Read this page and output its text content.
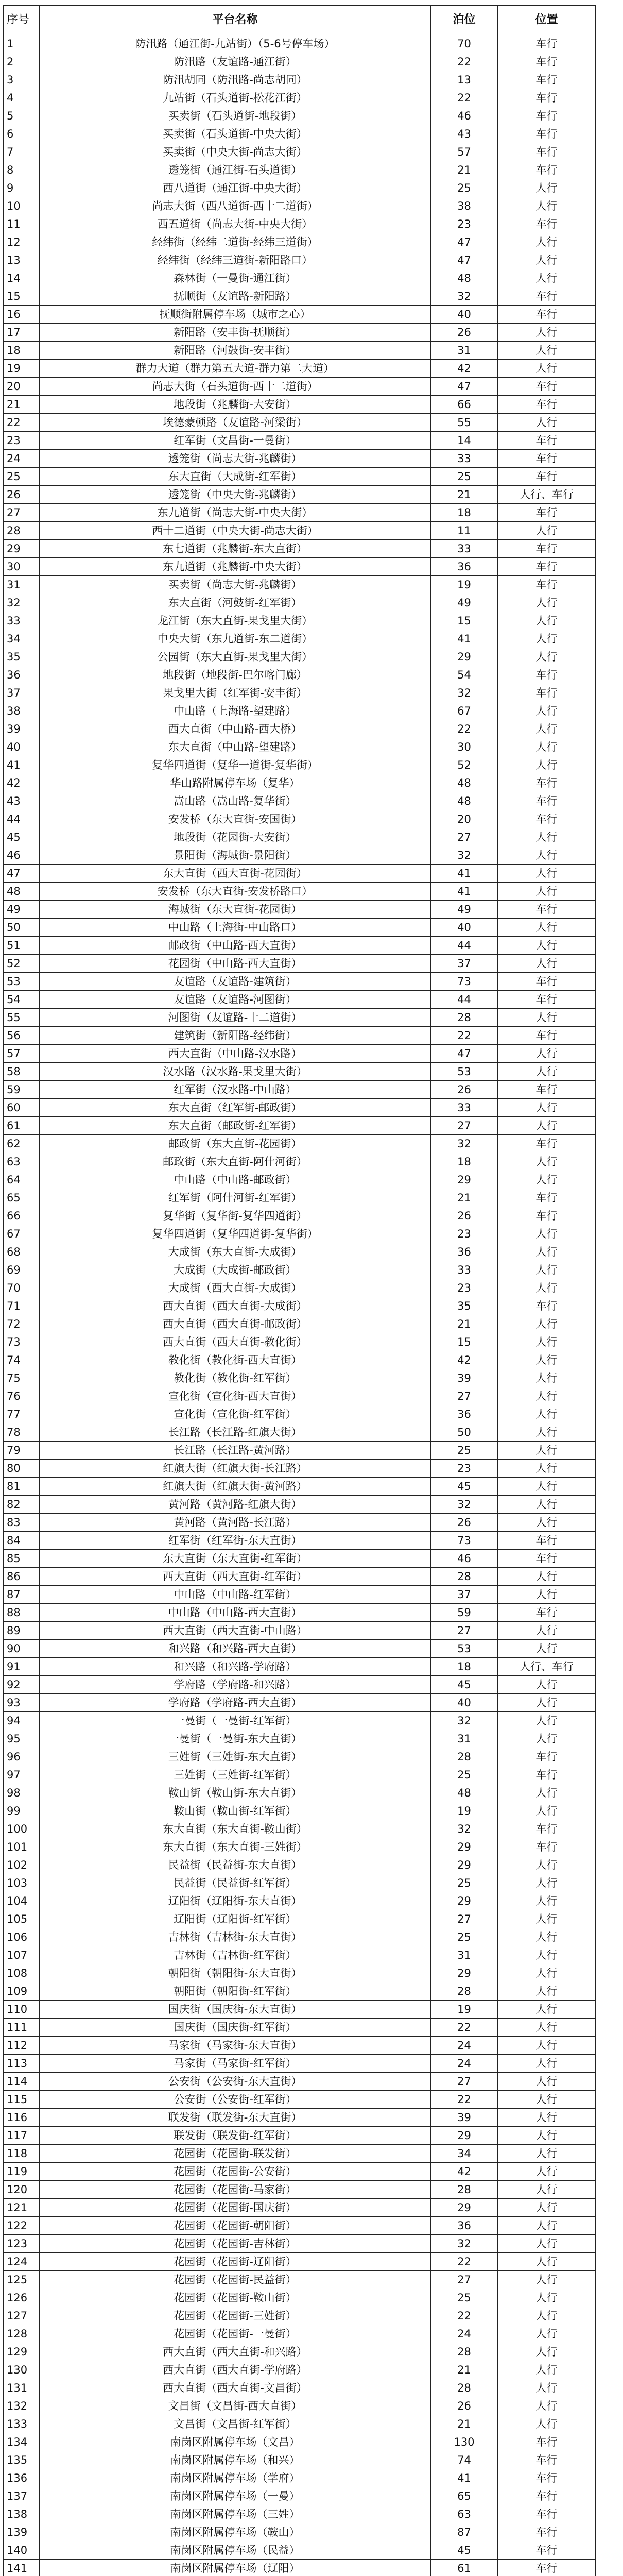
序号	平台名称	泊位	位置
1	防汛路（通江街-九站街）（5-6号停车场）	70	车行
2	防汛路（友谊路-通江街）	22	车行
3	防汛胡同（防汛路-尚志胡同）	13	车行
4	九站街（石头道街-松花江街）	22	车行
5	买卖街（石头道街-地段街）	46	车行
6	买卖街（石头道街-中央大街）	43	车行
7	买卖街（中央大街-尚志大街）	57	车行
8	透笼街（通江街-石头道街）	21	车行
9	西八道街（通江街-中央大街）	25	人行
10	尚志大街（西八道街-西十二道街）	38	人行
11	西五道街（尚志大街-中央大街）	23	车行
12	经纬街（经纬二道街-经纬三道街）	47	人行
13	经纬街（经纬三道街-新阳路口）	47	人行
14	森林街（一曼街-通江街）	48	人行
15	抚顺街（友谊路-新阳路）	32	车行
16	抚顺街附属停车场（城市之心）	40	车行
17	新阳路（安丰街-抚顺街）	26	人行
18	新阳路（河鼓街-安丰街）	31	人行
19	群力大道（群力第五大道-群力第二大道）	42	人行
20	尚志大街（石头道街-西十二道街）	47	车行
21	地段街（兆麟街-大安街）	66	车行
22	埃德蒙顿路（友谊路-河梁街）	55	人行
23	红军街（文昌街-一曼街）	14	车行
24	透笼街（尚志大街-兆麟街）	33	车行
25	东大直街（大成街-红军街）	25	车行
26	透笼街（中央大街-兆麟街）	21	人行、车行
27	东九道街（尚志大街-中央大街）	18	车行
28	西十二道街（中央大街-尚志大街）	11	人行
29	东七道街（兆麟街-东大直街）	33	车行
30	东九道街（兆麟街-中央大街）	36	车行
31	买卖街（尚志大街-兆麟街）	19	车行
32	东大直街（河鼓街-红军街）	49	人行
33	龙江街（东大直街-果戈里大街）	15	人行
34	中央大街（东九道街-东二道街）	41	人行
35	公园街（东大直街-果戈里大街）	29	人行
36	地段街（地段街-巴尔喀门廊）	54	车行
37	果戈里大街（红军街-安丰街）	32	车行
38	中山路（上海路-望建路）	67	人行
39	西大直街（中山路-西大桥）	22	人行
40	东大直街（中山路-望建路）	30	人行
41	复华四道街（复华一道街-复华街）	52	人行
42	华山路附属停车场（复华）	48	车行
43	嵩山路（嵩山路-复华街）	48	车行
44	安发桥（东大直街-安国街）	20	车行
45	地段街（花园街-大安街）	27	人行
46	景阳街（海城街-景阳街）	32	人行
47	东大直街（西大直街-花园街）	41	人行
48	安发桥（东大直街-安发桥路口）	41	人行
49	海城街（东大直街-花园街）	49	车行
50	中山路（上海街-中山路口）	40	人行
51	邮政街（中山路-西大直街）	44	人行
52	花园街（中山路-西大直街）	37	人行
53	友谊路（友谊路-建筑街）	73	车行
54	友谊路（友谊路-河图街）	44	车行
55	河图街（友谊路-十二道街）	28	人行
56	建筑街（新阳路-经纬街）	22	车行
57	西大直街（中山路-汉水路）	47	人行
58	汉水路（汉水路-果戈里大街）	53	人行
59	红军街（汉水路-中山路）	26	车行
60	东大直街（红军街-邮政街）	33	人行
61	东大直街（邮政街-红军街）	27	人行
62	邮政街（东大直街-花园街）	32	车行
63	邮政街（东大直街-阿什河街）	18	人行
64	中山路（中山路-邮政街）	29	人行
65	红军街（阿什河街-红军街）	21	车行
66	复华街（复华街-复华四道街）	26	车行
67	复华四道街（复华四道街-复华街）	23	人行
68	大成街（东大直街-大成街）	36	人行
69	大成街（大成街-邮政街）	33	人行
70	大成街（西大直街-大成街）	23	人行
71	西大直街（西大直街-大成街）	35	车行
72	西大直街（西大直街-邮政街）	21	人行
73	西大直街（西大直街-教化街）	15	人行
74	教化街（教化街-西大直街）	42	人行
75	教化街（教化街-红军街）	39	人行
76	宣化街（宣化街-西大直街）	27	人行
77	宣化街（宣化街-红军街）	36	人行
78	长江路（长江路-红旗大街）	50	人行
79	长江路（长江路-黄河路）	25	人行
80	红旗大街（红旗大街-长江路）	23	人行
81	红旗大街（红旗大街-黄河路）	45	人行
82	黄河路（黄河路-红旗大街）	32	人行
83	黄河路（黄河路-长江路）	26	人行
84	红军街（红军街-东大直街）	73	车行
85	东大直街（东大直街-红军街）	46	车行
86	西大直街（西大直街-红军街）	28	人行
87	中山路（中山路-红军街）	37	人行
88	中山路（中山路-西大直街）	59	车行
89	西大直街（西大直街-中山路）	27	人行
90	和兴路（和兴路-西大直街）	53	人行
91	和兴路（和兴路-学府路）	18	人行、车行
92	学府路（学府路-和兴路）	45	人行
93	学府路（学府路-西大直街）	40	人行
94	一曼街（一曼街-红军街）	32	人行
95	一曼街（一曼街-东大直街）	31	人行
96	三姓街（三姓街-东大直街）	28	车行
97	三姓街（三姓街-红军街）	25	车行
98	鞍山街（鞍山街-东大直街）	48	人行
99	鞍山街（鞍山街-红军街）	19	人行
100	东大直街（东大直街-鞍山街）	32	车行
101	东大直街（东大直街-三姓街）	29	车行
102	民益街（民益街-东大直街）	29	人行
103	民益街（民益街-红军街）	25	人行
104	辽阳街（辽阳街-东大直街）	29	人行
105	辽阳街（辽阳街-红军街）	27	人行
106	吉林街（吉林街-东大直街）	25	人行
107	吉林街（吉林街-红军街）	31	人行
108	朝阳街（朝阳街-东大直街）	29	人行
109	朝阳街（朝阳街-红军街）	28	人行
110	国庆街（国庆街-东大直街）	19	人行
111	国庆街（国庆街-红军街）	22	人行
112	马家街（马家街-东大直街）	24	人行
113	马家街（马家街-红军街）	24	人行
114	公安街（公安街-东大直街）	27	人行
115	公安街（公安街-红军街）	22	人行
116	联发街（联发街-东大直街）	39	人行
117	联发街（联发街-红军街）	29	人行
118	花园街（花园街-联发街）	34	人行
119	花园街（花园街-公安街）	42	人行
120	花园街（花园街-马家街）	28	人行
121	花园街（花园街-国庆街）	29	人行
122	花园街（花园街-朝阳街）	36	人行
123	花园街（花园街-吉林街）	32	人行
124	花园街（花园街-辽阳街）	22	人行
125	花园街（花园街-民益街）	27	人行
126	花园街（花园街-鞍山街）	25	人行
127	花园街（花园街-三姓街）	22	人行
128	花园街（花园街-一曼街）	24	人行
129	西大直街（西大直街-和兴路）	28	人行
130	西大直街（西大直街-学府路）	21	人行
131	西大直街（西大直街-文昌街）	28	人行
132	文昌街（文昌街-西大直街）	26	人行
133	文昌街（文昌街-红军街）	21	人行
134	南岗区附属停车场（文昌）	130	车行
135	南岗区附属停车场（和兴）	74	车行
136	南岗区附属停车场（学府）	41	车行
137	南岗区附属停车场（一曼）	65	车行
138	南岗区附属停车场（三姓）	63	车行
139	南岗区附属停车场（鞍山）	87	车行
140	南岗区附属停车场（民益）	45	车行
141	南岗区附属停车场（辽阳）	61	车行
